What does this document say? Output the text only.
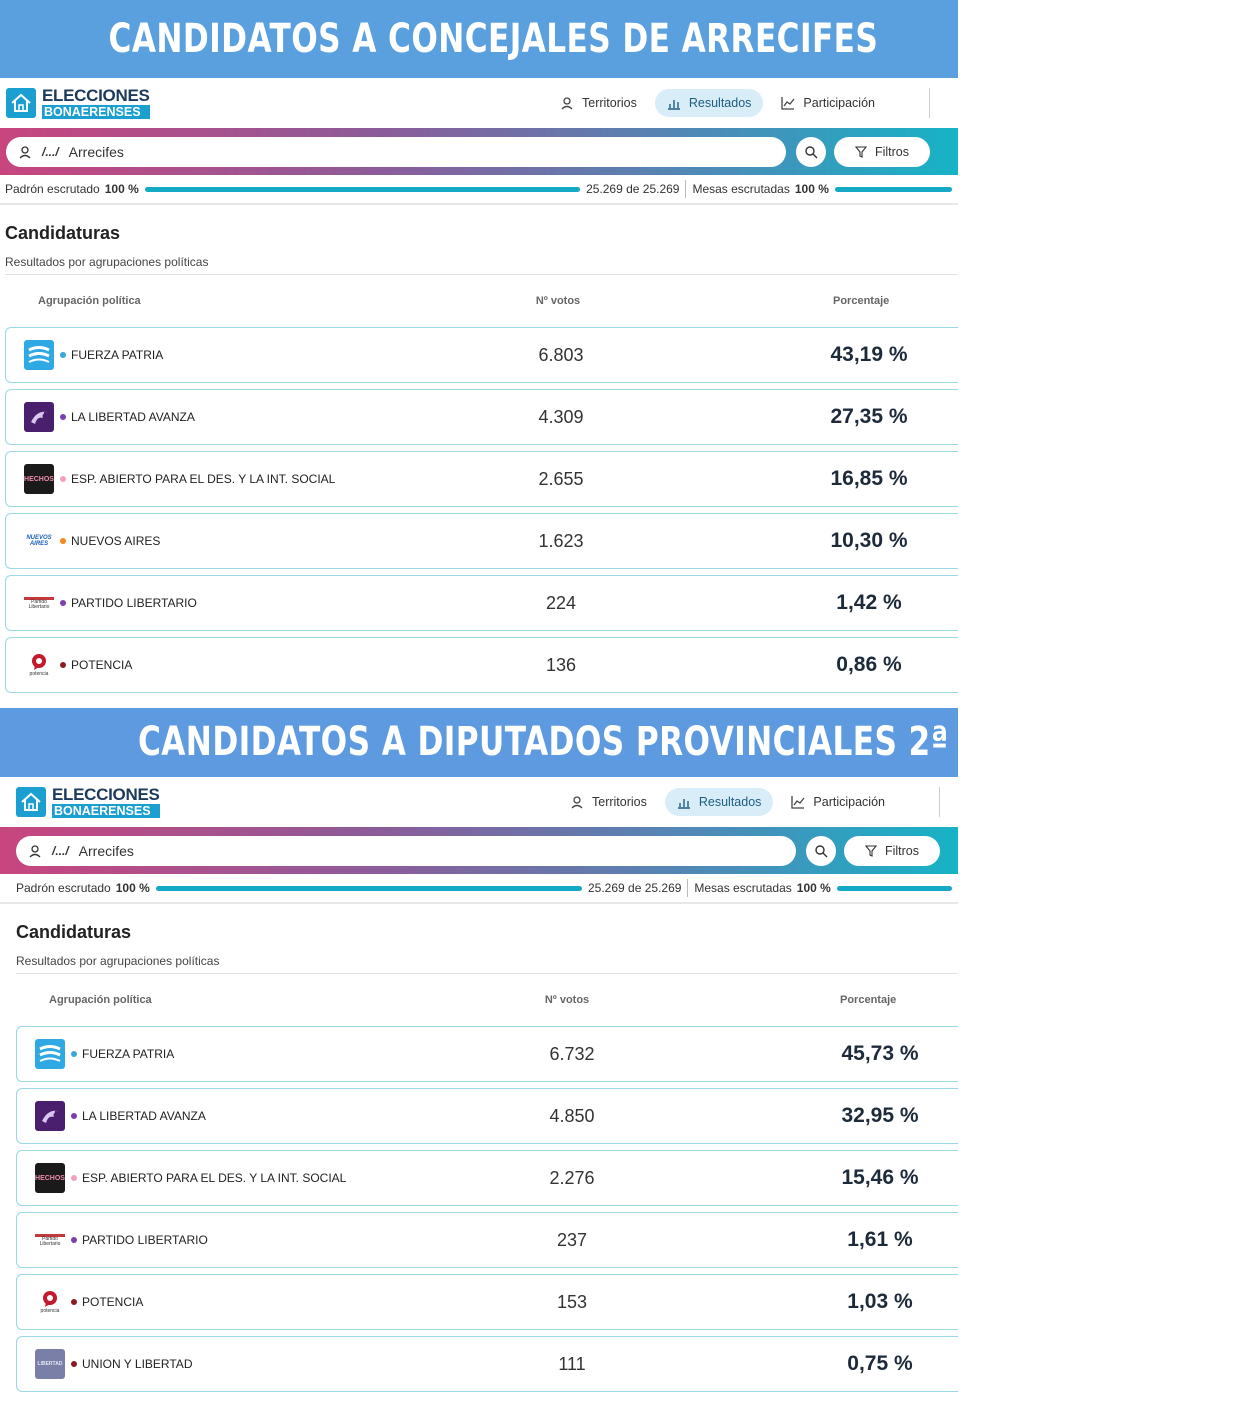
CANDIDATOS A CONCEJALES DE ARRECIFES
ELECCIONES
BONAERENSES
Territorios	Resultados	Participación
/.../ Arrecifes	Filtros
Padrón escrutado 100 %	25.269 de 25.269 Mesas escrutadas 100 %
Candidaturas
Resultados por agrupaciones políticas
Agrupación política	Nº votos	Porcentaje
FUERZA PATRIA	6.803	43,19 %
LA LIBERTAD AVANZA	4.309	27,35 %
HECHOS ESP. ABIERTO PARA EL DES. Y LA INT. SOCIAL	2.655	16,85 %
NUEVOS AIRES	NUEVOS AIRES	1.623	10,30 %
Partido Libertario	PARTIDO LIBERTARIO	224	1,42 %
potencia
POTENCIA	136	0,86 %
CANDIDATOS A DIPUTADOS PROVINCIALES 2ª SECCIÓN
ELECCIONES
BONAERENSES
Territorios	Resultados	Participación
/.../ Arrecifes	Filtros
Padrón escrutado 100 %	25.269 de 25.269 Mesas escrutadas 100 %
Candidaturas
Resultados por agrupaciones políticas
Agrupación política	Nº votos	Porcentaje
FUERZA PATRIA	6.732	45,73 %
LA LIBERTAD AVANZA	4.850	32,95 %
HECHOS ESP. ABIERTO PARA EL DES. Y LA INT. SOCIAL	2.276	15,46 %
Partido Libertario	PARTIDO LIBERTARIO	237	1,61 %
potencia
POTENCIA	153	1,03 %
LIBERTAD UNION Y LIBERTAD	111	0,75 %
